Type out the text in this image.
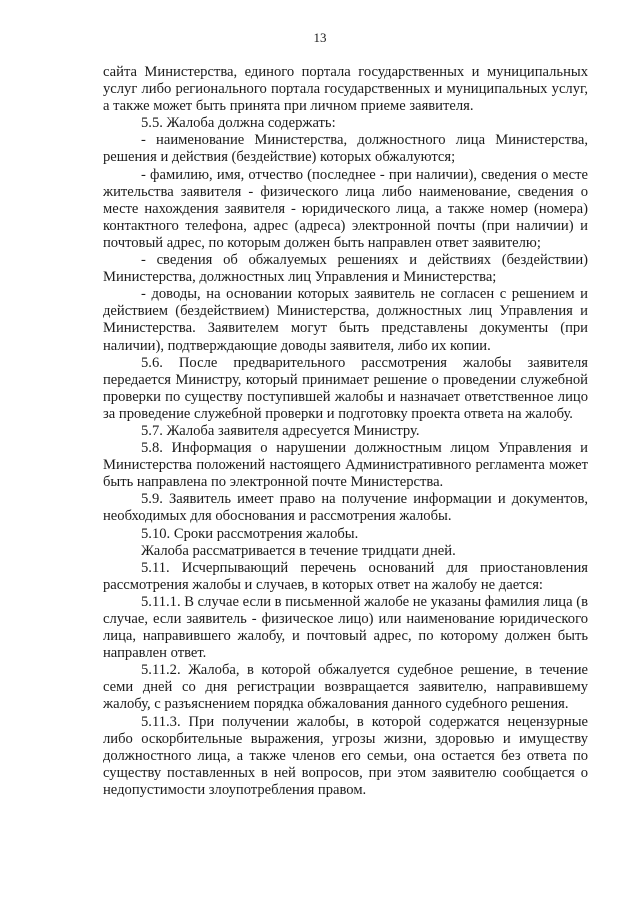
13

сайта Министерства, единого портала государственных и муниципальных услуг либо регионального портала государственных и муниципальных услуг, а также может быть принята при личном приеме заявителя.

5.5. Жалоба должна содержать:

- наименование Министерства, должностного лица Министерства, решения и действия (бездействие) которых обжалуются;

- фамилию, имя, отчество (последнее - при наличии), сведения о месте жительства заявителя - физического лица либо наименование, сведения о месте нахождения заявителя - юридического лица, а также номер (номера) контактного телефона, адрес (адреса) электронной почты (при наличии) и почтовый адрес, по которым должен быть направлен ответ заявителю;

- сведения об обжалуемых решениях и действиях (бездействии) Министерства, должностных лиц Управления и Министерства;

- доводы, на основании которых заявитель не согласен с решением и действием (бездействием) Министерства, должностных лиц Управления и Министерства. Заявителем могут быть представлены документы (при наличии), подтверждающие доводы заявителя, либо их копии.

5.6. После предварительного рассмотрения жалобы заявителя передается Министру, который принимает решение о проведении служебной проверки по существу поступившей жалобы и назначает ответственное лицо за проведение служебной проверки и подготовку проекта ответа на жалобу.

5.7. Жалоба заявителя адресуется Министру.

5.8. Информация о нарушении должностным лицом Управления и Министерства положений настоящего Административного регламента может быть направлена по электронной почте Министерства.

5.9. Заявитель имеет право на получение информации и документов, необходимых для обоснования и рассмотрения жалобы.

5.10. Сроки рассмотрения жалобы.

Жалоба рассматривается в течение тридцати дней.

5.11. Исчерпывающий перечень оснований для приостановления рассмотрения жалобы и случаев, в которых ответ на жалобу не дается:

5.11.1. В случае если в письменной жалобе не указаны фамилия лица (в случае, если заявитель - физическое лицо) или наименование юридического лица, направившего жалобу, и почтовый адрес, по которому должен быть направлен ответ.

5.11.2. Жалоба, в которой обжалуется судебное решение, в течение семи дней со дня регистрации возвращается заявителю, направившему жалобу, с разъяснением порядка обжалования данного судебного решения.

5.11.3. При получении жалобы, в которой содержатся нецензурные либо оскорбительные выражения, угрозы жизни, здоровью и имуществу должностного лица, а также членов его семьи, она остается без ответа по существу поставленных в ней вопросов, при этом заявителю сообщается о недопустимости злоупотребления правом.
